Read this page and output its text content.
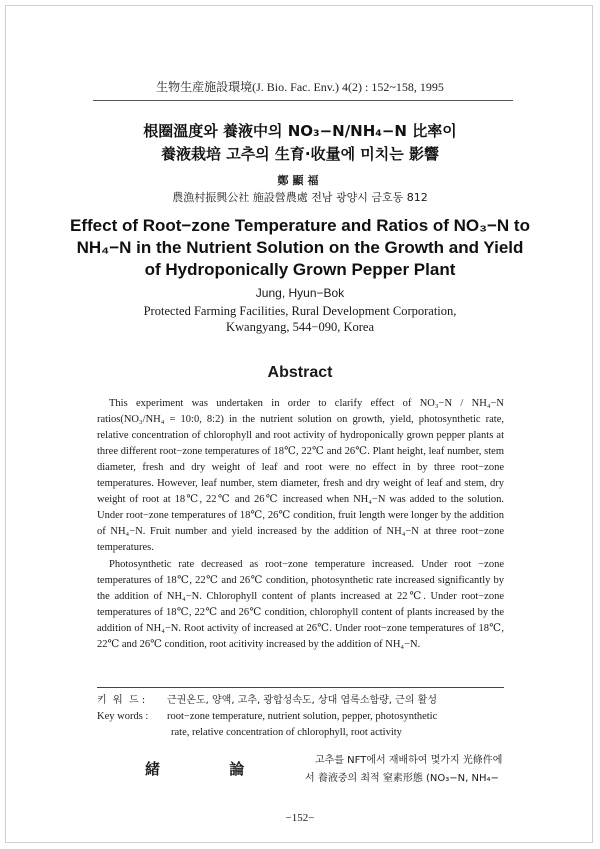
生物生産施設環境(J. Bio. Fac. Env.) 4(2) : 152~158, 1995
根圈溫度와 養液中의 NO₃−N/NH₄−N 比率이
養液栽培 고추의 生育·收量에 미치는 影響
鄭顯福
農漁村振興公社 施設營農處 전남 광양시 금호동 812
Effect of Root−zone Temperature and Ratios of NO₃−N to
NH₄−N in the Nutrient Solution on the Growth and Yield
of Hydroponically Grown Pepper Plant
Jung, Hyun−Bok
Protected Farming Facilities, Rural Development Corporation,
Kwangyang, 544−090, Korea
Abstract

This experiment was undertaken in order to clarify effect of NO₃−N / NH₄−N ratios(NO₃/NH₄ = 10:0, 8:2) in the nutrient solution on growth, yield, photosynthetic rate, relative concentration of chlorophyll and root activity of hydroponically grown pepper plants at three different root−zone temperatures of 18℃, 22℃ and 26℃. Plant height, leaf number, stem diameter, fresh and dry weight of leaf and root were no effect in by three root−zone temperatures. However, leaf number, stem diameter, fresh and dry weight of leaf and stem, dry weight of root at 18℃, 22℃ and 26℃ increased when NH₄−N was added to the solution. Under root−zone temperatures of 18℃, 26℃ condition, fruit length were longer by the addition of NH₄−N. Fruit number and yield increased by the addition of NH₄−N at three root−zone temperatures.

Photosynthetic rate decreased as root−zone temperature increased. Under root −zone temperatures of 18℃, 22℃ and 26℃ condition, photosynthetic rate increased significantly by the addition of NH₄−N. Chlorophyll content of plants increased at 22℃. Under root−zone temperatures of 18℃, 22℃ and 26℃ condition, chlorophyll content of plants increased by the addition of NH₄−N. Root activity of increased at 26℃. Under root−zone temperatures of 18℃, 22℃ and 26℃ condition, root acitivity increased by the addition of NH₄−N.

키  워  드 :	근권온도, 양액, 고추, 광합성속도, 상대 엽록소함량, 근의 활성
Key words :	root−zone temperature, nutrient solution, pepper, photosynthetic
rate, relative concentration of chlorophyll, root activity
緒 論	고추를 NFT에서 재배하여 몇가지 光條件에
서 養液중의 최적 窒素形態 (NO₃−N, NH₄−
−152−
